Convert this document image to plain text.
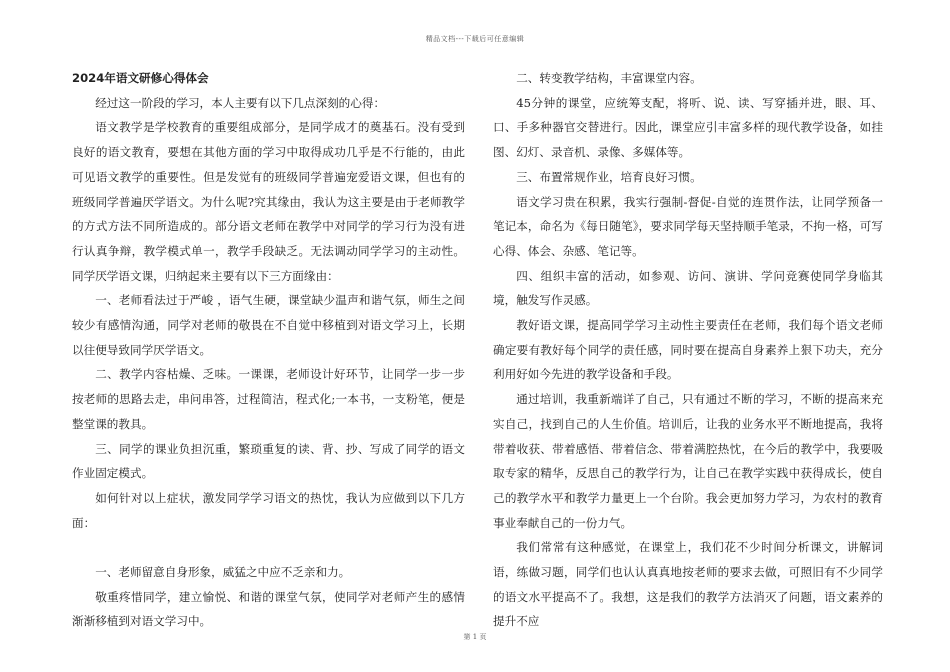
精品文档---下载后可任意编辑

2024年语文研修心得体会

经过这一阶段的学习，本人主要有以下几点深刻的心得：

语文教学是学校教育的重要组成部分，是同学成才的奠基石。没有受到良好的语文教育，要想在其他方面的学习中取得成功几乎是不行能的，由此可见语文教学的重要性。但是发觉有的班级同学普遍宠爱语文课，但也有的班级同学普遍厌学语文。为什么呢?究其缘由，我认为这主要是由于老师教学的方式方法不同所造成的。部分语文老师在教学中对同学的学习行为没有进行认真争辩，教学模式单一，教学手段缺乏。无法调动同学学习的主动性。同学厌学语文课，归纳起来主要有以下三方面缘由：

一、老师看法过于严峻 ，语气生硬，课堂缺少温声和谐气氛，师生之间较少有感情沟通，同学对老师的敬畏在不自觉中移植到对语文学习上，长期以往便导致同学厌学语文。

二、教学内容枯燥、乏味。一课课，老师设计好环节，让同学一步一步按老师的思路去走，串问串答，过程简洁，程式化;一本书，一支粉笔，便是整堂课的教具。

三、同学的课业负担沉重，繁琐重复的读、背、抄、写成了同学的语文作业固定模式。

如何针对以上症状，激发同学学习语文的热忱，我认为应做到以下几方面：

一、老师留意自身形象，威猛之中应不乏亲和力。

敬重疼惜同学，建立愉悦、和谐的课堂气氛，使同学对老师产生的感情 渐渐移植到对语文学习中。

二、转变教学结构，丰富课堂内容。

45分钟的课堂，应统筹支配，将听、说、读、写穿插并进，眼、耳、口、手多种器官交替进行。因此，课堂应引丰富多样的现代教学设备，如挂图、幻灯、录音机、录像、多媒体等。

三、布置常规作业，培育良好习惯。

语文学习贵在积累，我实行强制-督促-自觉的连贯作法，让同学预备一笔记本，命名为《每日随笔》，要求同学每天坚持顺手笔录，不拘一格，可写心得、体会、杂感、笔记等。

四、组织丰富的活动，如参观、访问、演讲、学问竞赛使同学身临其境，触发写作灵感。

教好语文课，提高同学学习主动性主要责任在老师，我们每个语文老师确定要有教好每个同学的责任感，同时要在提高自身素养上狠下功夫，充分利用好如今先进的教学设备和手段。

通过培训，我重新端详了自己，只有通过不断的学习，不断的提高来充实自己，找到自己的人生价值。培训后，让我的业务水平不断地提高，我将带着收获、带着感悟、带着信念、带着满腔热忱，在今后的教学中，我要吸取专家的精华，反思自己的教学行为，让自己在教学实践中获得成长，使自己的教学水平和教学力量更上一个台阶。我会更加努力学习，为农村的教育事业奉献自己的一份力气。

我们常常有这种感觉，在课堂上，我们花不少时间分析课文，讲解词语，练做习题，同学们也认认真真地按老师的要求去做，可照旧有不少同学的语文水平提高不了。我想，这是我们的教学方法消灭了问题，语文素养的提升不应

第 1 页
